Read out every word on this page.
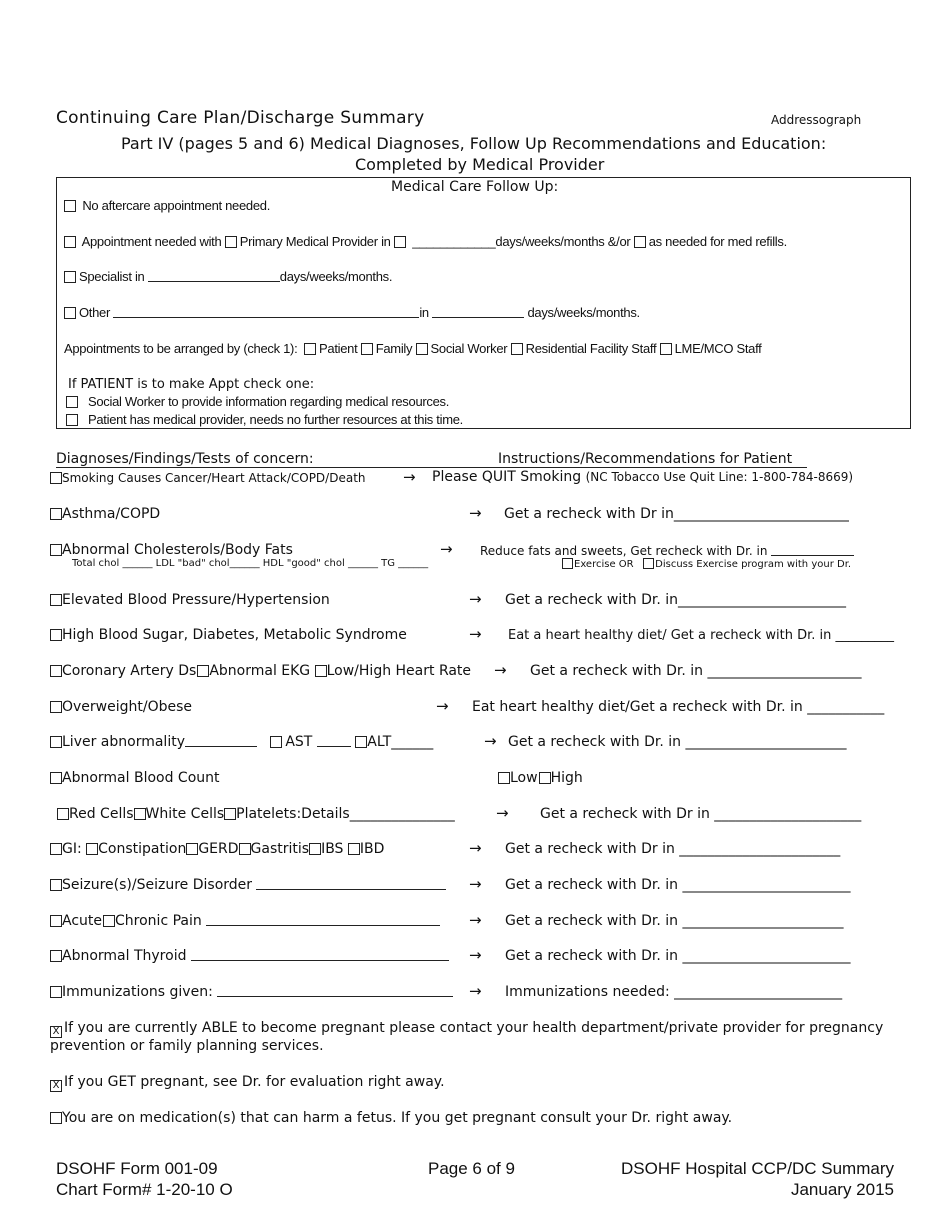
Continuing Care Plan/Discharge Summary	Addressograph
Part IV (pages 5 and 6) Medical Diagnoses, Follow Up Recommendations and Education:
Completed by Medical Provider
Medical Care Follow Up:
No aftercare appointment needed.
Appointment needed with Primary Medical Provider in ____________days/weeks/months &/or as needed for med refills.
Specialist in	days/weeks/months.
Other	in	days/weeks/months.
Appointments to be arranged by (check 1): Patient Family Social Worker Residential Facility Staff LME/MCO Staff
If PATIENT is to make Appt check one:
Social Worker to provide information regarding medical resources.
Patient has medical provider, needs no further resources at this time.
Diagnoses/Findings/Tests of concern:	Instructions/Recommendations for Patient
Smoking Causes Cancer/Heart Attack/COPD/Death	→ Please QUIT Smoking (NC Tobacco Use Quit Line: 1-800-784-8669)
Asthma/COPD	→ Get a recheck with Dr in_________________________
Abnormal Cholesterols/Body Fats	→ Reduce fats and sweets, Get recheck with Dr. in
Total chol ______ LDL "bad" chol______ HDL "good" chol ______ TG ______	Exercise OR Discuss Exercise program with your Dr.
Elevated Blood Pressure/Hypertension	→ Get a recheck with Dr. in________________________
High Blood Sugar, Diabetes, Metabolic Syndrome	→ Eat a heart healthy diet/ Get a recheck with Dr. in _________
Coronary Artery Ds Abnormal EKG Low/High Heart Rate → Get a recheck with Dr. in ______________________
Overweight/Obese	→ Eat heart healthy diet/Get a recheck with Dr. in ___________
Liver abnormality	AST	ALT______	→ Get a recheck with Dr. in _______________________
Abnormal Blood Count	Low High
Red Cells White Cells Platelets:Details_______________	→ Get a recheck with Dr in _____________________
GI: Constipation GERD Gastritis IBS IBD	→ Get a recheck with Dr in _______________________
Seizure(s)/Seizure Disorder	→ Get a recheck with Dr. in ________________________
Acute Chronic Pain	→ Get a recheck with Dr. in _______________________
Abnormal Thyroid	→ Get a recheck with Dr. in ________________________
Immunizations given:	→ Immunizations needed: ________________________
X If you are currently ABLE to become pregnant please contact your health department/private provider for pregnancy
prevention or family planning services.
X If you GET pregnant, see Dr. for evaluation right away.
You are on medication(s) that can harm a fetus. If you get pregnant consult your Dr. right away.
DSOHF Form 001-09
Chart Form# 1-20-10 O
Page 6 of 9	DSOHF Hospital CCP/DC Summary
January 2015
